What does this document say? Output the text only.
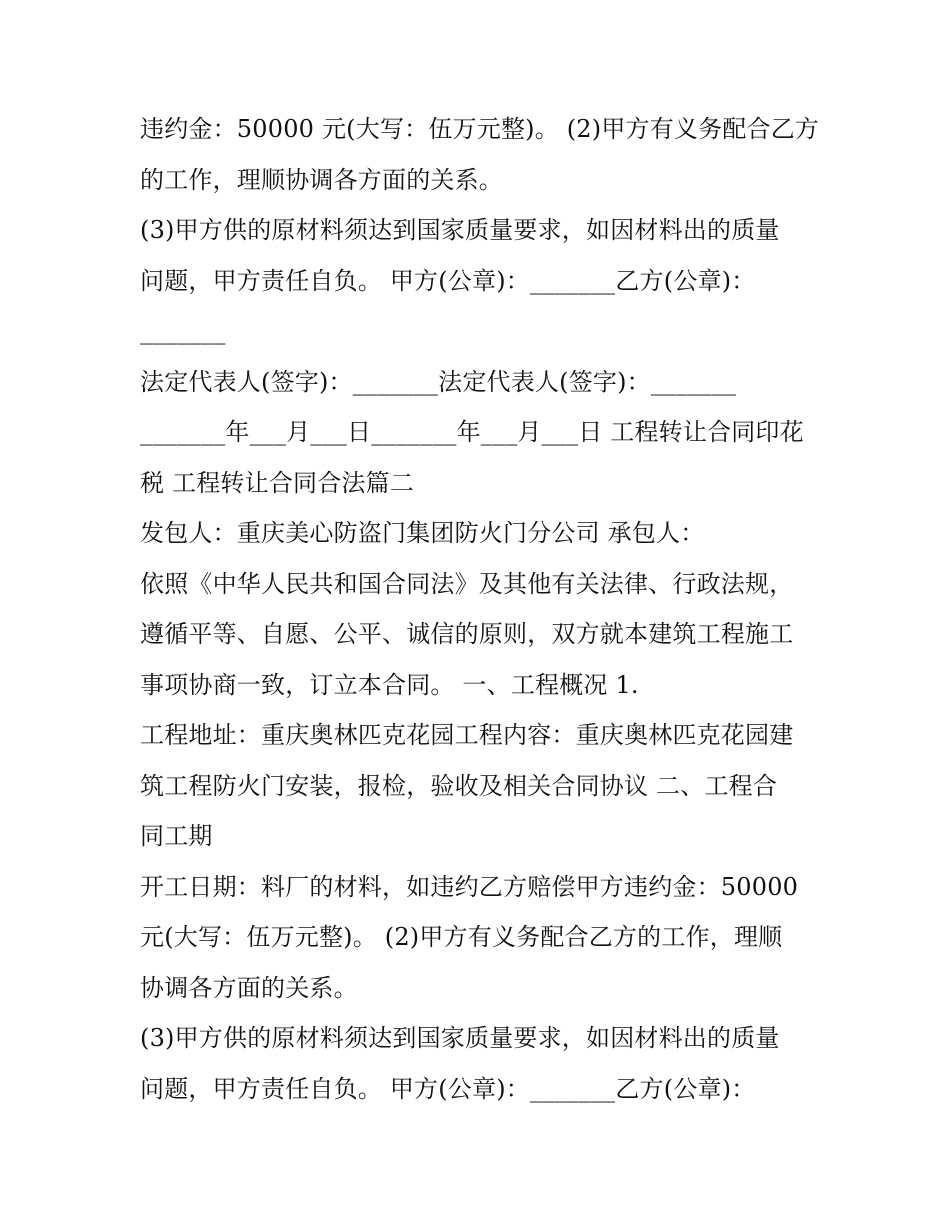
违约金：50000 元(大写：伍万元整)。 (2)甲方有义务配合乙方
的工作，理顺协调各方面的关系。
(3)甲方供的原材料须达到国家质量要求，如因材料出的质量
问题，甲方责任自负。 甲方(公章)：_______乙方(公章)：
_______
法定代表人(签字)：_______法定代表人(签字)：_______
_______年___月___日_______年___月___日 工程转让合同印花
税 工程转让合同合法篇二
发包人：重庆美心防盗门集团防火门分公司 承包人：
依照《中华人民共和国合同法》及其他有关法律、行政法规，
遵循平等、自愿、公平、诚信的原则，双方就本建筑工程施工
事项协商一致，订立本合同。 一、工程概况 1.
工程地址：重庆奥林匹克花园工程内容：重庆奥林匹克花园建
筑工程防火门安装，报检，验收及相关合同协议 二、工程合
同工期
开工日期：料厂的材料，如违约乙方赔偿甲方违约金：50000
元(大写：伍万元整)。 (2)甲方有义务配合乙方的工作，理顺
协调各方面的关系。
(3)甲方供的原材料须达到国家质量要求，如因材料出的质量
问题，甲方责任自负。 甲方(公章)：_______乙方(公章)：
